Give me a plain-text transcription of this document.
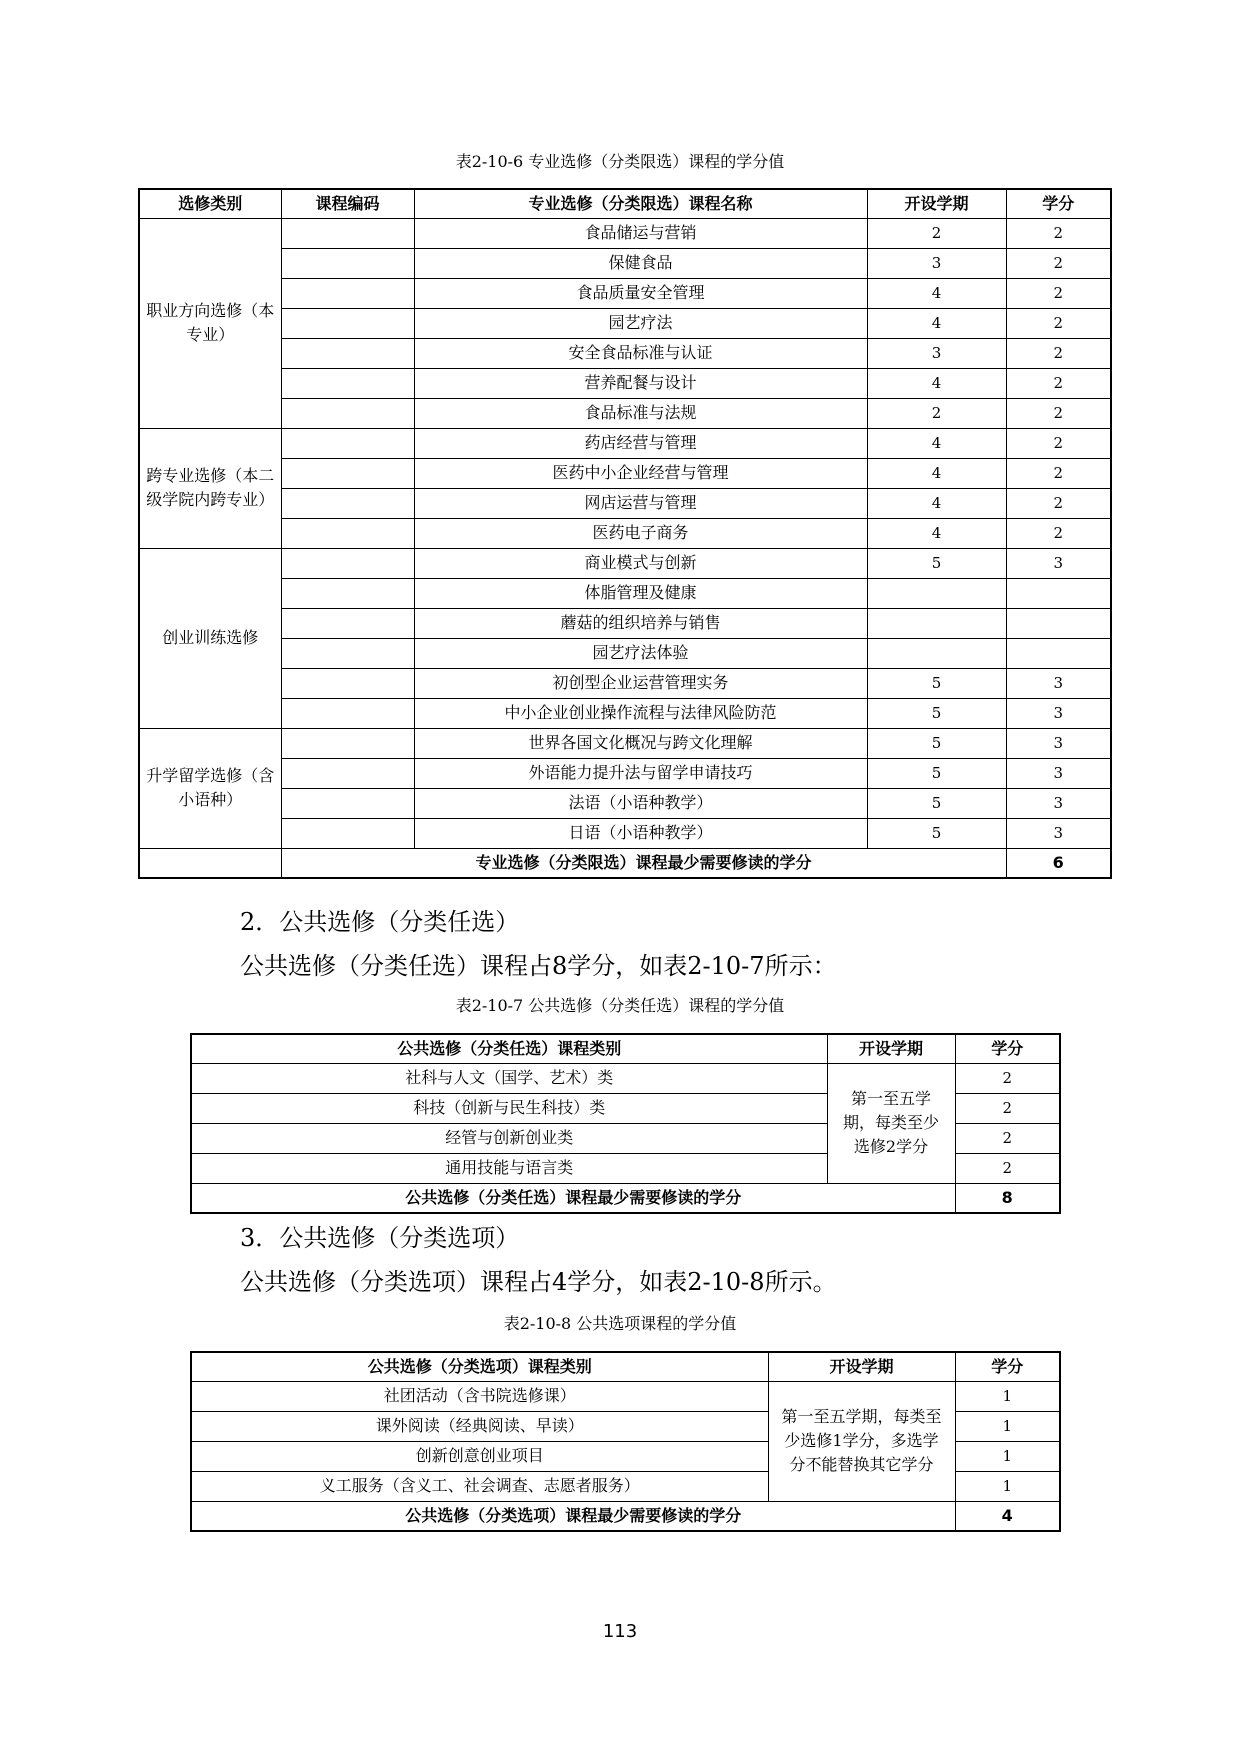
表2-10-6 专业选修（分类限选）课程的学分值
选修类别	课程编码	专业选修（分类限选）课程名称	开设学期	学分
职业方向选修（本专业）		食品储运与营销	2	2
		保健食品	3	2
		食品质量安全管理	4	2
		园艺疗法	4	2
		安全食品标准与认证	3	2
		营养配餐与设计	4	2
		食品标准与法规	2	2
跨专业选修（本二级学院内跨专业）		药店经营与管理	4	2
		医药中小企业经营与管理	4	2
		网店运营与管理	4	2
		医药电子商务	4	2
创业训练选修		商业模式与创新	5	3
		体脂管理及健康		
		蘑菇的组织培养与销售		
		园艺疗法体验		
		初创型企业运营管理实务	5	3
		中小企业创业操作流程与法律风险防范	5	3
升学留学选修（含小语种）		世界各国文化概况与跨文化理解	5	3
		外语能力提升法与留学申请技巧	5	3
		法语（小语种教学）	5	3
		日语（小语种教学）	5	3
	专业选修（分类限选）课程最少需要修读的学分			6
2．公共选修（分类任选）
公共选修（分类任选）课程占8学分，如表2-10-7所示：
表2-10-7 公共选修（分类任选）课程的学分值
公共选修（分类任选）课程类别	开设学期	学分
社科与人文（国学、艺术）类	第一至五学期，每类至少选修2学分	2
科技（创新与民生科技）类		2
经管与创新创业类		2
通用技能与语言类		2
公共选修（分类任选）课程最少需要修读的学分		8
3．公共选修（分类选项）
公共选修（分类选项）课程占4学分，如表2-10-8所示。
表2-10-8 公共选项课程的学分值
公共选修（分类选项）课程类别	开设学期	学分
社团活动（含书院选修课）	第一至五学期，每类至少选修1学分，多选学分不能替换其它学分	1
课外阅读（经典阅读、早读）		1
创新创意创业项目		1
义工服务（含义工、社会调查、志愿者服务）		1
公共选修（分类选项）课程最少需要修读的学分		4
113
